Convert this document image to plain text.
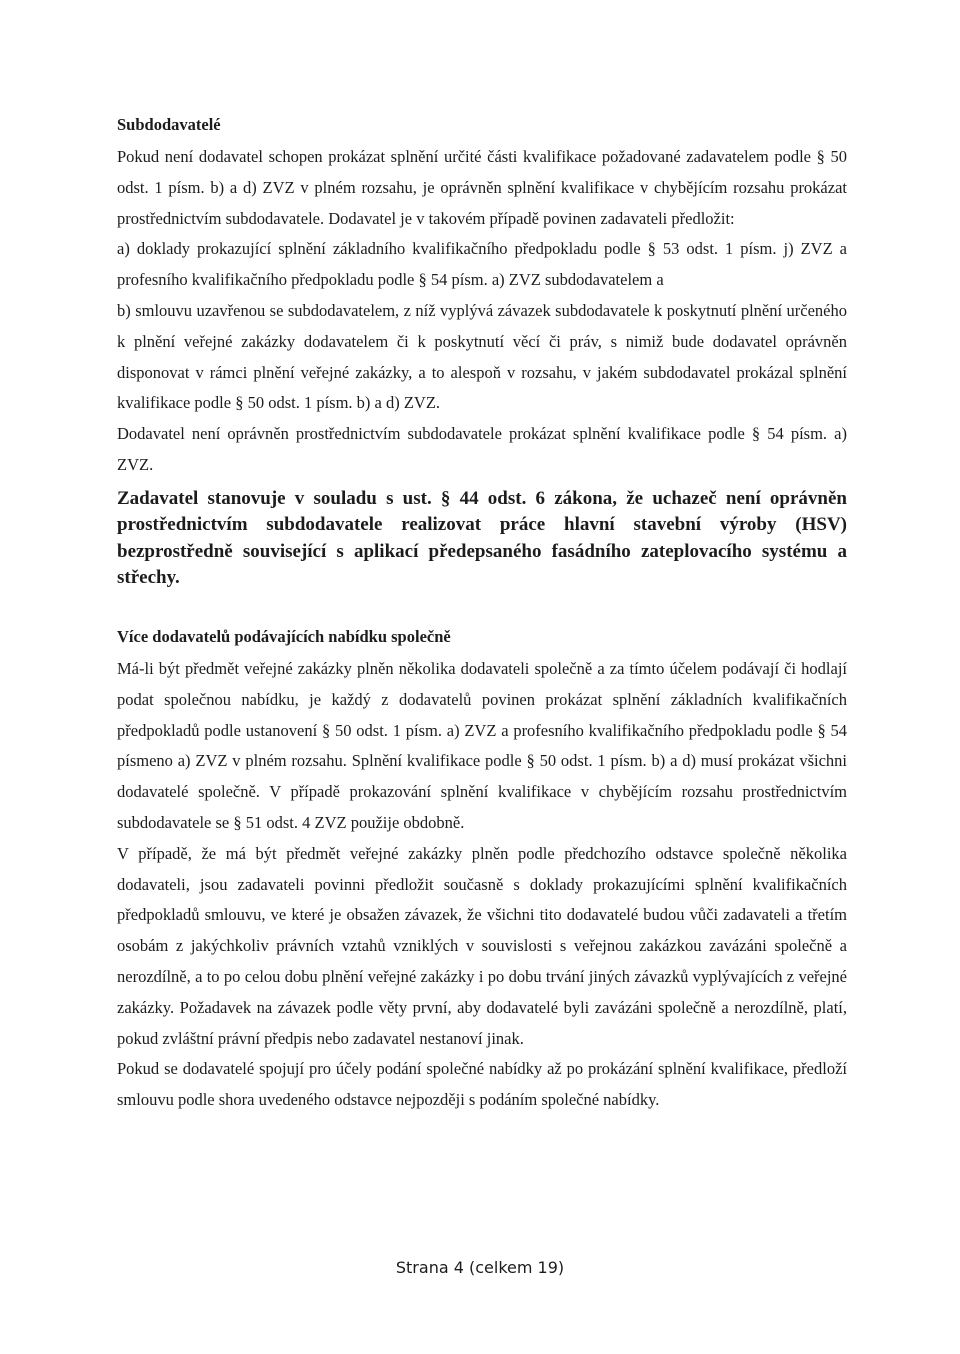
Subdodavatelé

Pokud není dodavatel schopen prokázat splnění určité části kvalifikace požadované zadavatelem podle § 50 odst. 1 písm. b) a d) ZVZ v plném rozsahu, je oprávněn splnění kvalifikace v chybějícím rozsahu prokázat prostřednictvím subdodavatele. Dodavatel je v takovém případě povinen zadavateli předložit:

a) doklady prokazující splnění základního kvalifikačního předpokladu podle § 53 odst. 1 písm. j) ZVZ a profesního kvalifikačního předpokladu podle § 54 písm. a) ZVZ subdodavatelem a

b) smlouvu uzavřenou se subdodavatelem, z níž vyplývá závazek subdodavatele k poskytnutí plnění určeného k plnění veřejné zakázky dodavatelem či k poskytnutí věcí či práv, s nimiž bude dodavatel oprávněn disponovat v rámci plnění veřejné zakázky, a to alespoň v rozsahu, v jakém subdodavatel prokázal splnění kvalifikace podle § 50 odst. 1 písm. b) a d) ZVZ.

Dodavatel není oprávněn prostřednictvím subdodavatele prokázat splnění kvalifikace podle § 54 písm. a) ZVZ.

Zadavatel stanovuje v souladu s ust. § 44 odst. 6 zákona, že uchazeč není oprávněn prostřednictvím subdodavatele realizovat práce hlavní stavební výroby (HSV) bezprostředně související s aplikací předepsaného fasádního zateplovacího systému a střechy.

Více dodavatelů podávajících nabídku společně

Má-li být předmět veřejné zakázky plněn několika dodavateli společně a za tímto účelem podávají či hodlají podat společnou nabídku, je každý z dodavatelů povinen prokázat splnění základních kvalifikačních předpokladů podle ustanovení § 50 odst. 1 písm. a) ZVZ a profesního kvalifikačního předpokladu podle § 54 písmeno a) ZVZ v plném rozsahu. Splnění kvalifikace podle § 50 odst. 1 písm. b) a d) musí prokázat všichni dodavatelé společně. V případě prokazování splnění kvalifikace v chybějícím rozsahu prostřednictvím subdodavatele se § 51 odst. 4 ZVZ použije obdobně.

V případě, že má být předmět veřejné zakázky plněn podle předchozího odstavce společně několika dodavateli, jsou zadavateli povinni předložit současně s doklady prokazujícími splnění kvalifikačních předpokladů smlouvu, ve které je obsažen závazek, že všichni tito dodavatelé budou vůči zadavateli a třetím osobám z jakýchkoliv právních vztahů vzniklých v souvislosti s veřejnou zakázkou zavázáni společně a nerozdílně, a to po celou dobu plnění veřejné zakázky i po dobu trvání jiných závazků vyplývajících z veřejné zakázky. Požadavek na závazek podle věty první, aby dodavatelé byli zavázáni společně a nerozdílně, platí, pokud zvláštní právní předpis nebo zadavatel nestanoví jinak.

Pokud se dodavatelé spojují pro účely podání společné nabídky až po prokázání splnění kvalifikace, předloží smlouvu podle shora uvedeného odstavce nejpozději s podáním společné nabídky.

Strana 4 (celkem 19)
